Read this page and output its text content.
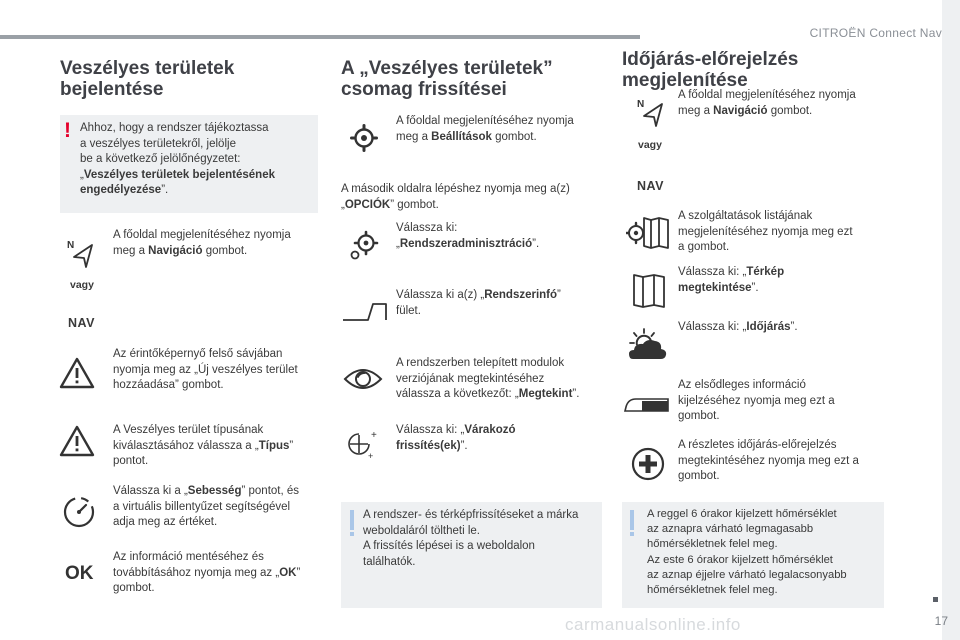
CITROËN Connect Nav
17
carmanualsonline.info
Veszélyes területek
bejelentése
! Ahhoz, hogy a rendszer tájékoztassa
a veszélyes területekről, jelölje
be a következő jelölőnégyzetet:
„Veszélyes területek bejelentésének
engedélyezése”.
N
vagy
NAV
A főoldal megjelenítéséhez nyomja
meg a Navigáció gombot.
Az érintőképernyő felső sávjában
nyomja meg az „Új veszélyes terület
hozzáadása” gombot.
A Veszélyes terület típusának
kiválasztásához válassza a „Típus”
pontot.
Válassza ki a „Sebesség” pontot, és
a virtuális billentyűzet segítségével
adja meg az értéket.
OK
Az információ mentéséhez és
továbbításához nyomja meg az „OK”
gombot.
A „Veszélyes területek”
csomag frissítései
A főoldal megjelenítéséhez nyomja
meg a Beállítások gombot.
A második oldalra lépéshez nyomja meg a(z)
„OPCIÓK” gombot.
Válassza ki:
„Rendszeradminisztráció”.
Válassza ki a(z) „Rendszerinfó”
fület.
A rendszerben telepített modulok
verziójának megtekintéséhez
válassza a következőt: „Megtekint”.
+
+
Válassza ki: „Várakozó
frissítés(ek)”.
A rendszer- és térképfrissítéseket a márka
weboldaláról töltheti le.
A frissítés lépései is a weboldalon
találhatók.
Időjárás-előrejelzés
megjelenítése
N
vagy
NAV
A főoldal megjelenítéséhez nyomja
meg a Navigáció gombot.
A szolgáltatások listájának
megjelenítéséhez nyomja meg ezt
a gombot.
Válassza ki: „Térkép
megtekintése”.
Válassza ki: „Időjárás”.
Az elsődleges információ
kijelzéséhez nyomja meg ezt a
gombot.
A részletes időjárás-előrejelzés
megtekintéséhez nyomja meg ezt a
gombot.
A reggel 6 órakor kijelzett hőmérséklet
az aznapra várható legmagasabb
hőmérsékletnek felel meg.
Az este 6 órakor kijelzett hőmérséklet
az aznap éjjelre várható legalacsonyabb
hőmérsékletnek felel meg.
